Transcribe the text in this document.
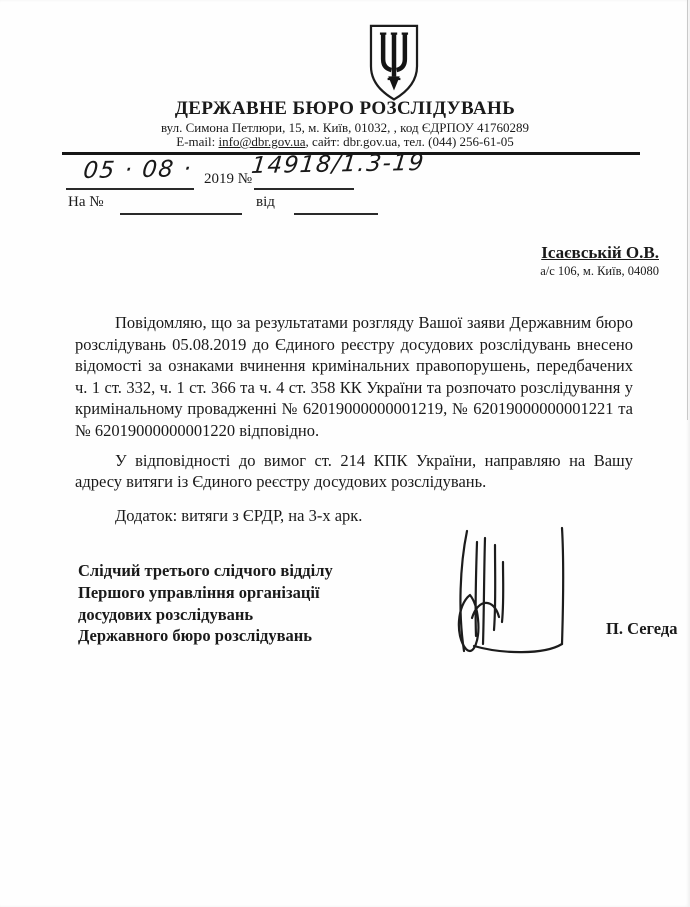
ДЕРЖАВНЕ БЮРО РОЗСЛІДУВАНЬ
вул. Симона Петлюри, 15, м. Київ, 01032, , код ЄДРПОУ 41760289
E-mail: info@dbr.gov.ua, сайт: dbr.gov.ua, тел. (044) 256-61-05
05 · 08 · 2019 №
14918/1.3-19
На №	від
Ісаєвській О.В.
а/с 106, м. Київ, 04080

Повідомляю, що за результатами розгляду Вашої заяви Державним бюро розслідувань 05.08.2019 до Єдиного реєстру досудових розслідувань внесено відомості за ознаками вчинення кримінальних правопорушень, передбачених ч. 1 ст. 332, ч. 1 ст. 366 та ч. 4 ст. 358 КК України та розпочато розслідування у кримінальному провадженні № 62019000000001219, № 62019000000001221 та № 62019000000001220 відповідно.

У відповідності до вимог ст. 214 КПК України, направляю на Вашу адресу витяги із Єдиного реєстру досудових розслідувань.

Додаток: витяги з ЄРДР, на 3-х арк.

Слідчий третього слідчого відділу
Першого управління організації
досудових розслідувань
Державного бюро розслідувань	П. Сегеда
